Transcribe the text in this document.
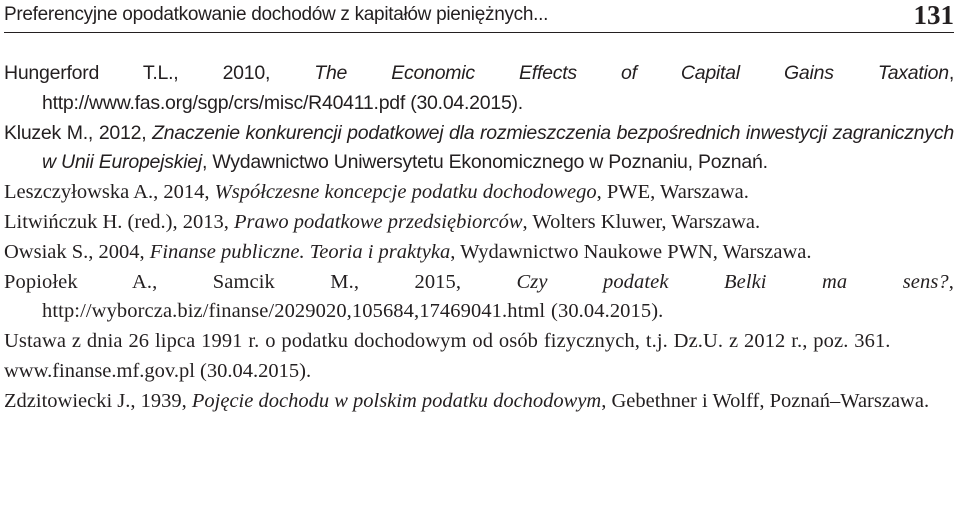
Preferencyjne opodatkowanie dochodów z kapitałów pieniężnych...	131

Hungerford T.L., 2010, The Economic Effects of Capital Gains Taxation, http://www.fas.org/sgp/crs/misc/R40411.pdf (30.04.2015).

Kluzek M., 2012, Znaczenie konkurencji podatkowej dla rozmieszczenia bezpośrednich inwestycji zagranicznych w Unii Europejskiej, Wydawnictwo Uniwersytetu Ekonomicznego w Poznaniu, Poznań.

Leszczyłowska A., 2014, Współczesne koncepcje podatku dochodowego, PWE, Warszawa.

Litwińczuk H. (red.), 2013, Prawo podatkowe przedsiębiorców, Wolters Kluwer, Warszawa.

Owsiak S., 2004, Finanse publiczne. Teoria i praktyka, Wydawnictwo Naukowe PWN, Warszawa.

Popiołek A., Samcik M., 2015, Czy podatek Belki ma sens?, http://wyborcza.biz/finanse/2029020,105684,17469041.html (30.04.2015).

Ustawa z dnia 26 lipca 1991 r. o podatku dochodowym od osób fizycznych, t.j. Dz.U. z 2012 r., poz. 361.

www.finanse.mf.gov.pl (30.04.2015).

Zdzitowiecki J., 1939, Pojęcie dochodu w polskim podatku dochodowym, Gebethner i Wolff, Poznań–Warszawa.
